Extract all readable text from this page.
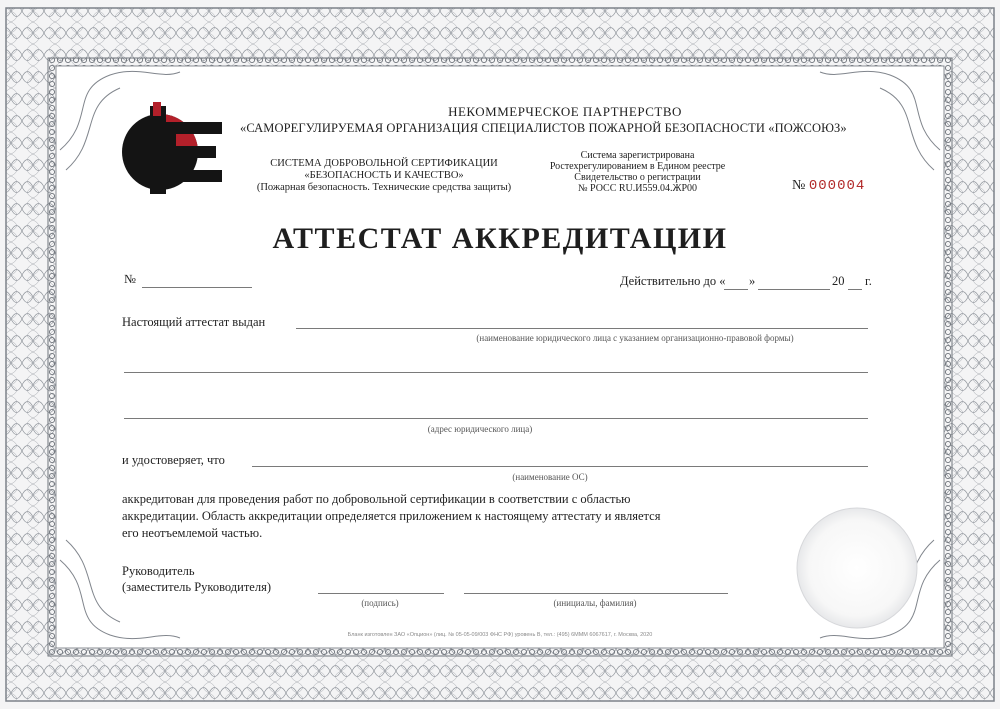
НЕКОММЕРЧЕСКОЕ ПАРТНЕРСТВО
«САМОРЕГУЛИРУЕМАЯ ОРГАНИЗАЦИЯ СПЕЦИАЛИСТОВ ПОЖАРНОЙ БЕЗОПАСНОСТИ «ПОЖСОЮЗ»
СИСТЕМА ДОБРОВОЛЬНОЙ СЕРТИФИКАЦИИ
«БЕЗОПАСНОСТЬ И КАЧЕСТВО»
(Пожарная безопасность. Технические средства защиты)
Система зарегистрирована
Ростехрегулированием в Едином реестре
Свидетельство о регистрации
№ РОСС RU.И559.04.ЖР00	№ 000004
АТТЕСТАТ АККРЕДИТАЦИИ
№	Действительно до « »	20 г.
Настоящий аттестат выдан
(наименование юридического лица с указанием организационно-правовой формы)
(адрес юридического лица)
и удостоверяет, что
(наименование ОС)
аккредитован для проведения работ по добровольной сертификации в соответствии с областью
аккредитации. Область аккредитации определяется приложением к настоящему аттестату и является
его неотъемлемой частью.
Руководитель
(заместитель Руководителя)
(подпись)	(инициалы, фамилия)
Бланк изготовлен ЗАО «Опцион» (лиц. № 05-05-09/003 ФНС РФ) уровень В, тел.: (495) 6МММ 6067617, г. Москва, 2020
